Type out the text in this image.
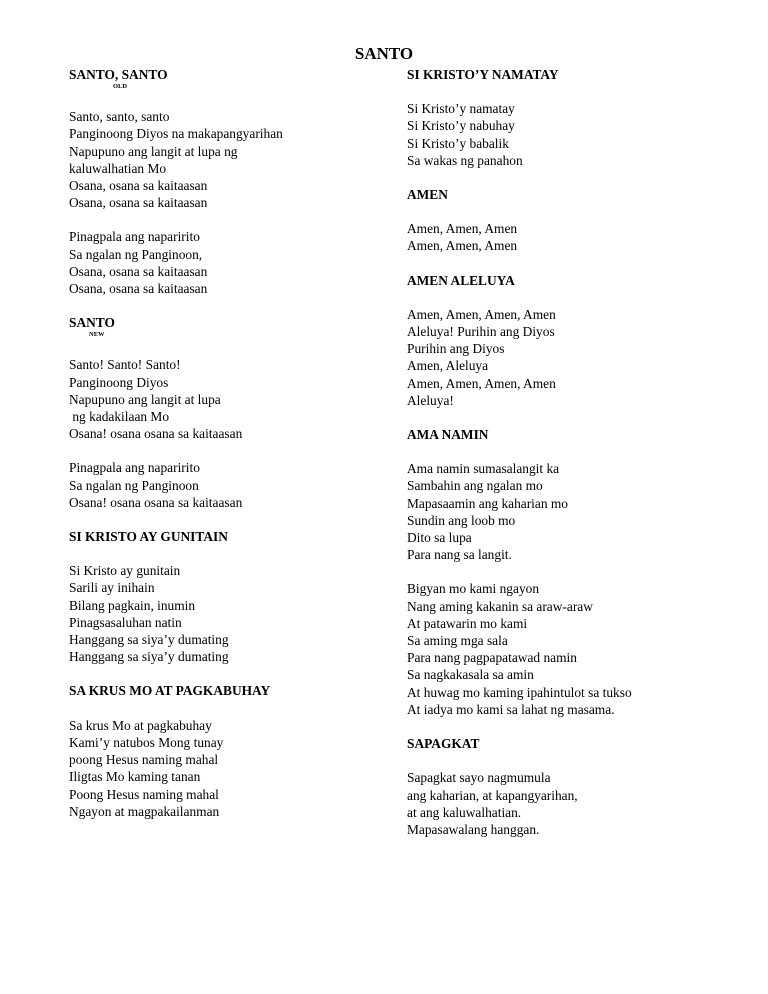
SANTO
SANTO, SANTO
OLD
Santo, santo, santo
Panginoong Diyos na makapangyarihan
Napupuno ang langit at lupa ng
kaluwalhatian Mo
Osana, osana sa kaitaasan
Osana, osana sa kaitaasan
Pinagpala ang naparirito
Sa ngalan ng Panginoon,
Osana, osana sa kaitaasan
Osana, osana sa kaitaasan
SANTO
NEW
Santo! Santo! Santo!
Panginoong Diyos
Napupuno ang langit at lupa
ng kadakilaan Mo
Osana! osana osana sa kaitaasan
Pinagpala ang naparirito
Sa ngalan ng Panginoon
Osana! osana osana sa kaitaasan
SI KRISTO AY GUNITAIN
Si Kristo ay gunitain
Sarili ay inihain
Bilang pagkain, inumin
Pinagsasaluhan natin
Hanggang sa siya’y dumating
Hanggang sa siya’y dumating
SA KRUS MO AT PAGKABUHAY
Sa krus Mo at pagkabuhay
Kami’y natubos Mong tunay
poong Hesus naming mahal
Iligtas Mo kaming tanan
Poong Hesus naming mahal
Ngayon at magpakailanman
SI KRISTO’Y NAMATAY
Si Kristo’y namatay
Si Kristo’y nabuhay
Si Kristo’y babalik
Sa wakas ng panahon
AMEN
Amen, Amen, Amen
Amen, Amen, Amen
AMEN ALELUYA
Amen, Amen, Amen, Amen
Aleluya! Purihin ang Diyos
Purihin ang Diyos
Amen, Aleluya
Amen, Amen, Amen, Amen
Aleluya!
AMA NAMIN
Ama namin sumasalangit ka
Sambahin ang ngalan mo
Mapasaamin ang kaharian mo
Sundin ang loob mo
Dito sa lupa
Para nang sa langit.
Bigyan mo kami ngayon
Nang aming kakanin sa araw-araw
At patawarin mo kami
Sa aming mga sala
Para nang pagpapatawad namin
Sa nagkakasala sa amin
At huwag mo kaming ipahintulot sa tukso
At iadya mo kami sa lahat ng masama.
SAPAGKAT
Sapagkat sayo nagmumula
ang kaharian, at kapangyarihan,
at ang kaluwalhatian.
Mapasawalang hanggan.
